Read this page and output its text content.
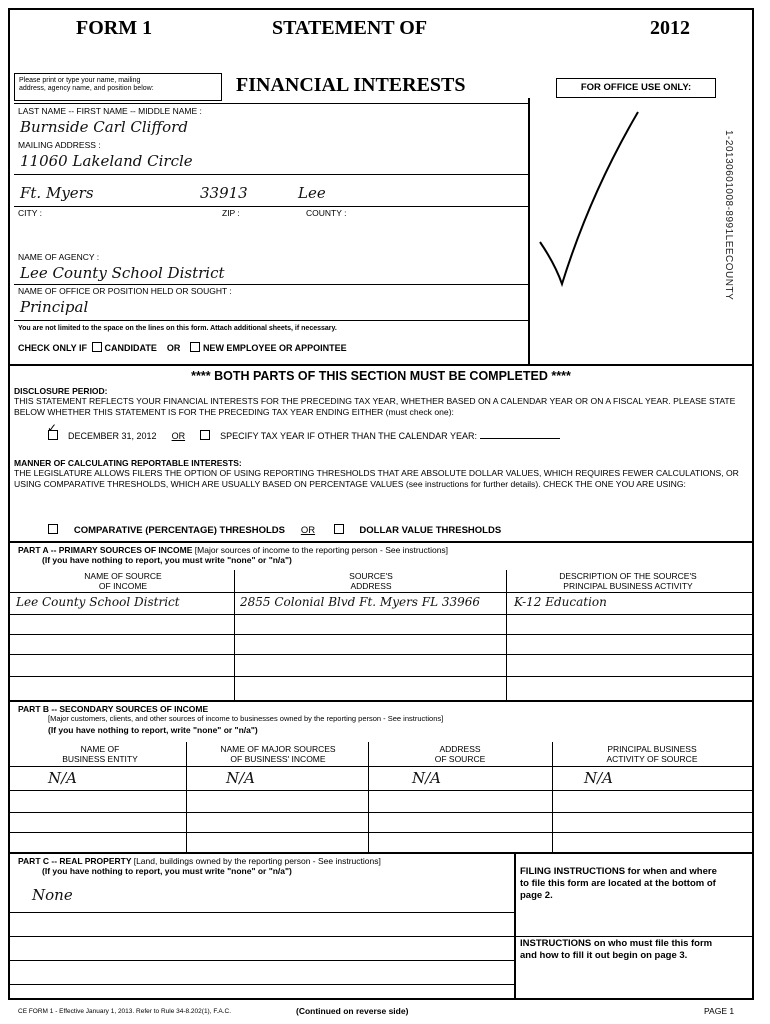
FORM 1	STATEMENT OF	2012
FINANCIAL INTERESTS
Please print or type your name, mailing
address, agency name, and position below:	FOR OFFICE USE ONLY:
1-20130601008-8991LEECOUNTY
LAST NAME -- FIRST NAME -- MIDDLE NAME :
Burnside Carl Clifford
MAILING ADDRESS :
11060 Lakeland Circle
Ft. Myers	33913	Lee
CITY :	ZIP :	COUNTY :
NAME OF AGENCY :
Lee County School District
NAME OF OFFICE OR POSITION HELD OR SOUGHT :
Principal
You are not limited to the space on the lines on this form. Attach additional sheets, if necessary.
CHECK ONLY IF CANDIDATE OR	NEW EMPLOYEE OR APPOINTEE
**** BOTH PARTS OF THIS SECTION MUST BE COMPLETED ****
DISCLOSURE PERIOD:
THIS STATEMENT REFLECTS YOUR FINANCIAL INTERESTS FOR THE PRECEDING TAX YEAR, WHETHER BASED ON A CALENDAR YEAR OR ON A FISCAL YEAR. PLEASE STATE BELOW WHETHER THIS STATEMENT IS FOR THE PRECEDING TAX YEAR ENDING EITHER (must check one):
✓
DECEMBER 31, 2012 OR	SPECIFY TAX YEAR IF OTHER THAN THE CALENDAR YEAR:
MANNER OF CALCULATING REPORTABLE INTERESTS:
THE LEGISLATURE ALLOWS FILERS THE OPTION OF USING REPORTING THRESHOLDS THAT ARE ABSOLUTE DOLLAR VALUES, WHICH REQUIRES FEWER CALCULATIONS, OR USING COMPARATIVE THRESHOLDS, WHICH ARE USUALLY BASED ON PERCENTAGE VALUES (see instructions for further details). CHECK THE ONE YOU ARE USING:
COMPARATIVE (PERCENTAGE) THRESHOLDS OR	DOLLAR VALUE THRESHOLDS
PART A -- PRIMARY SOURCES OF INCOME [Major sources of income to the reporting person - See instructions]
(If you have nothing to report, you must write "none" or "n/a")
NAME OF SOURCE
OF INCOME
SOURCE'S
ADDRESS
DESCRIPTION OF THE SOURCE'S
PRINCIPAL BUSINESS ACTIVITY
Lee County School District	2855 Colonial Blvd Ft. Myers FL 33966	K-12 Education
PART B -- SECONDARY SOURCES OF INCOME
[Major customers, clients, and other sources of income to businesses owned by the reporting person - See instructions]
(If you have nothing to report, write "none" or "n/a")
NAME OF
BUSINESS ENTITY
NAME OF MAJOR SOURCES
OF BUSINESS' INCOME
ADDRESS
OF SOURCE
PRINCIPAL BUSINESS
ACTIVITY OF SOURCE
N/A	N/A	N/A	N/A
PART C -- REAL PROPERTY [Land, buildings owned by the reporting person - See instructions]
(If you have nothing to report, you must write "none" or "n/a")
None
FILING INSTRUCTIONS for when and where to file this form are located at the bottom of page 2.
INSTRUCTIONS on who must file this form and how to fill it out begin on page 3.
CE FORM 1 - Effective January 1, 2013. Refer to Rule 34-8.202(1), F.A.C.	(Continued on reverse side)	PAGE 1
